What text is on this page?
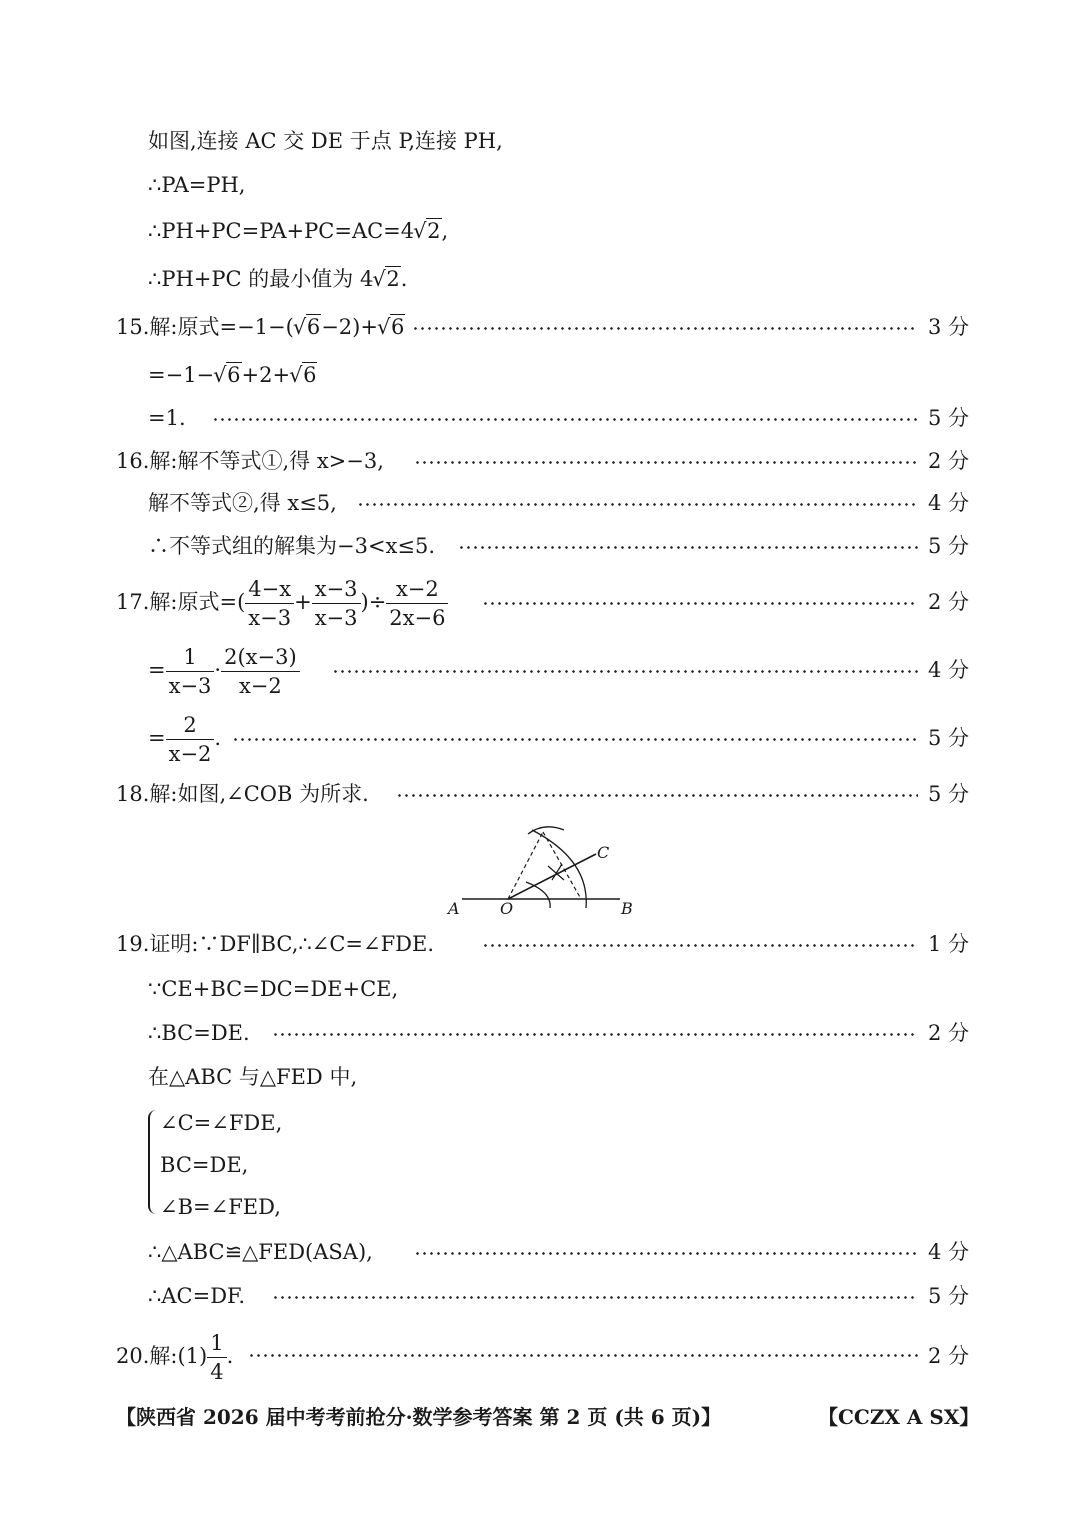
如图,连接 AC 交 DE 于点 P,连接 PH,
∴PA=PH,
∴PH+PC=PA+PC=AC=4 √ 2,
∴PH+PC 的最小值为 4 √ 2.
15.解:原式=−1−( √ 6−2)+ √ 6	3 分
=−1− √ 6+2+ √ 6
=1.	5 分
16.解:解不等式①,得 x>−3,	2 分
解不等式②,得 x≤5,	4 分
∴不等式组的解集为−3<x≤5.	5 分
17.解:原式=( $\frac{4-x}{x-3} + \frac{x-3}{x-3}$ )÷ $\frac{x-2}{2x-6}$	2 分
= $\frac{1}{x-3} \cdot \frac{2(x-3)}{x-2}$	4 分
= $\frac{2}{x-2}$ .	5 分
18.解:如图,∠COB 为所求.	5 分
A	O	B
C
19.证明:∵DF∥BC,∴∠C=∠FDE.	1 分
∵CE+BC=DC=DE+CE,
∴BC=DE.	2 分
在△ABC 与△FED 中,
∠C=∠FDE,
BC=DE,
∠B=∠FED,
∴△ABC≌△FED(ASA),	4 分
∴AC=DF.	5 分
20.解:(1) $\frac{1}{4}$ .	2 分
【陕西省 2026 届中考考前抢分·数学参考答案 第 2 页 (共 6 页)】	【CCZX A SX】
